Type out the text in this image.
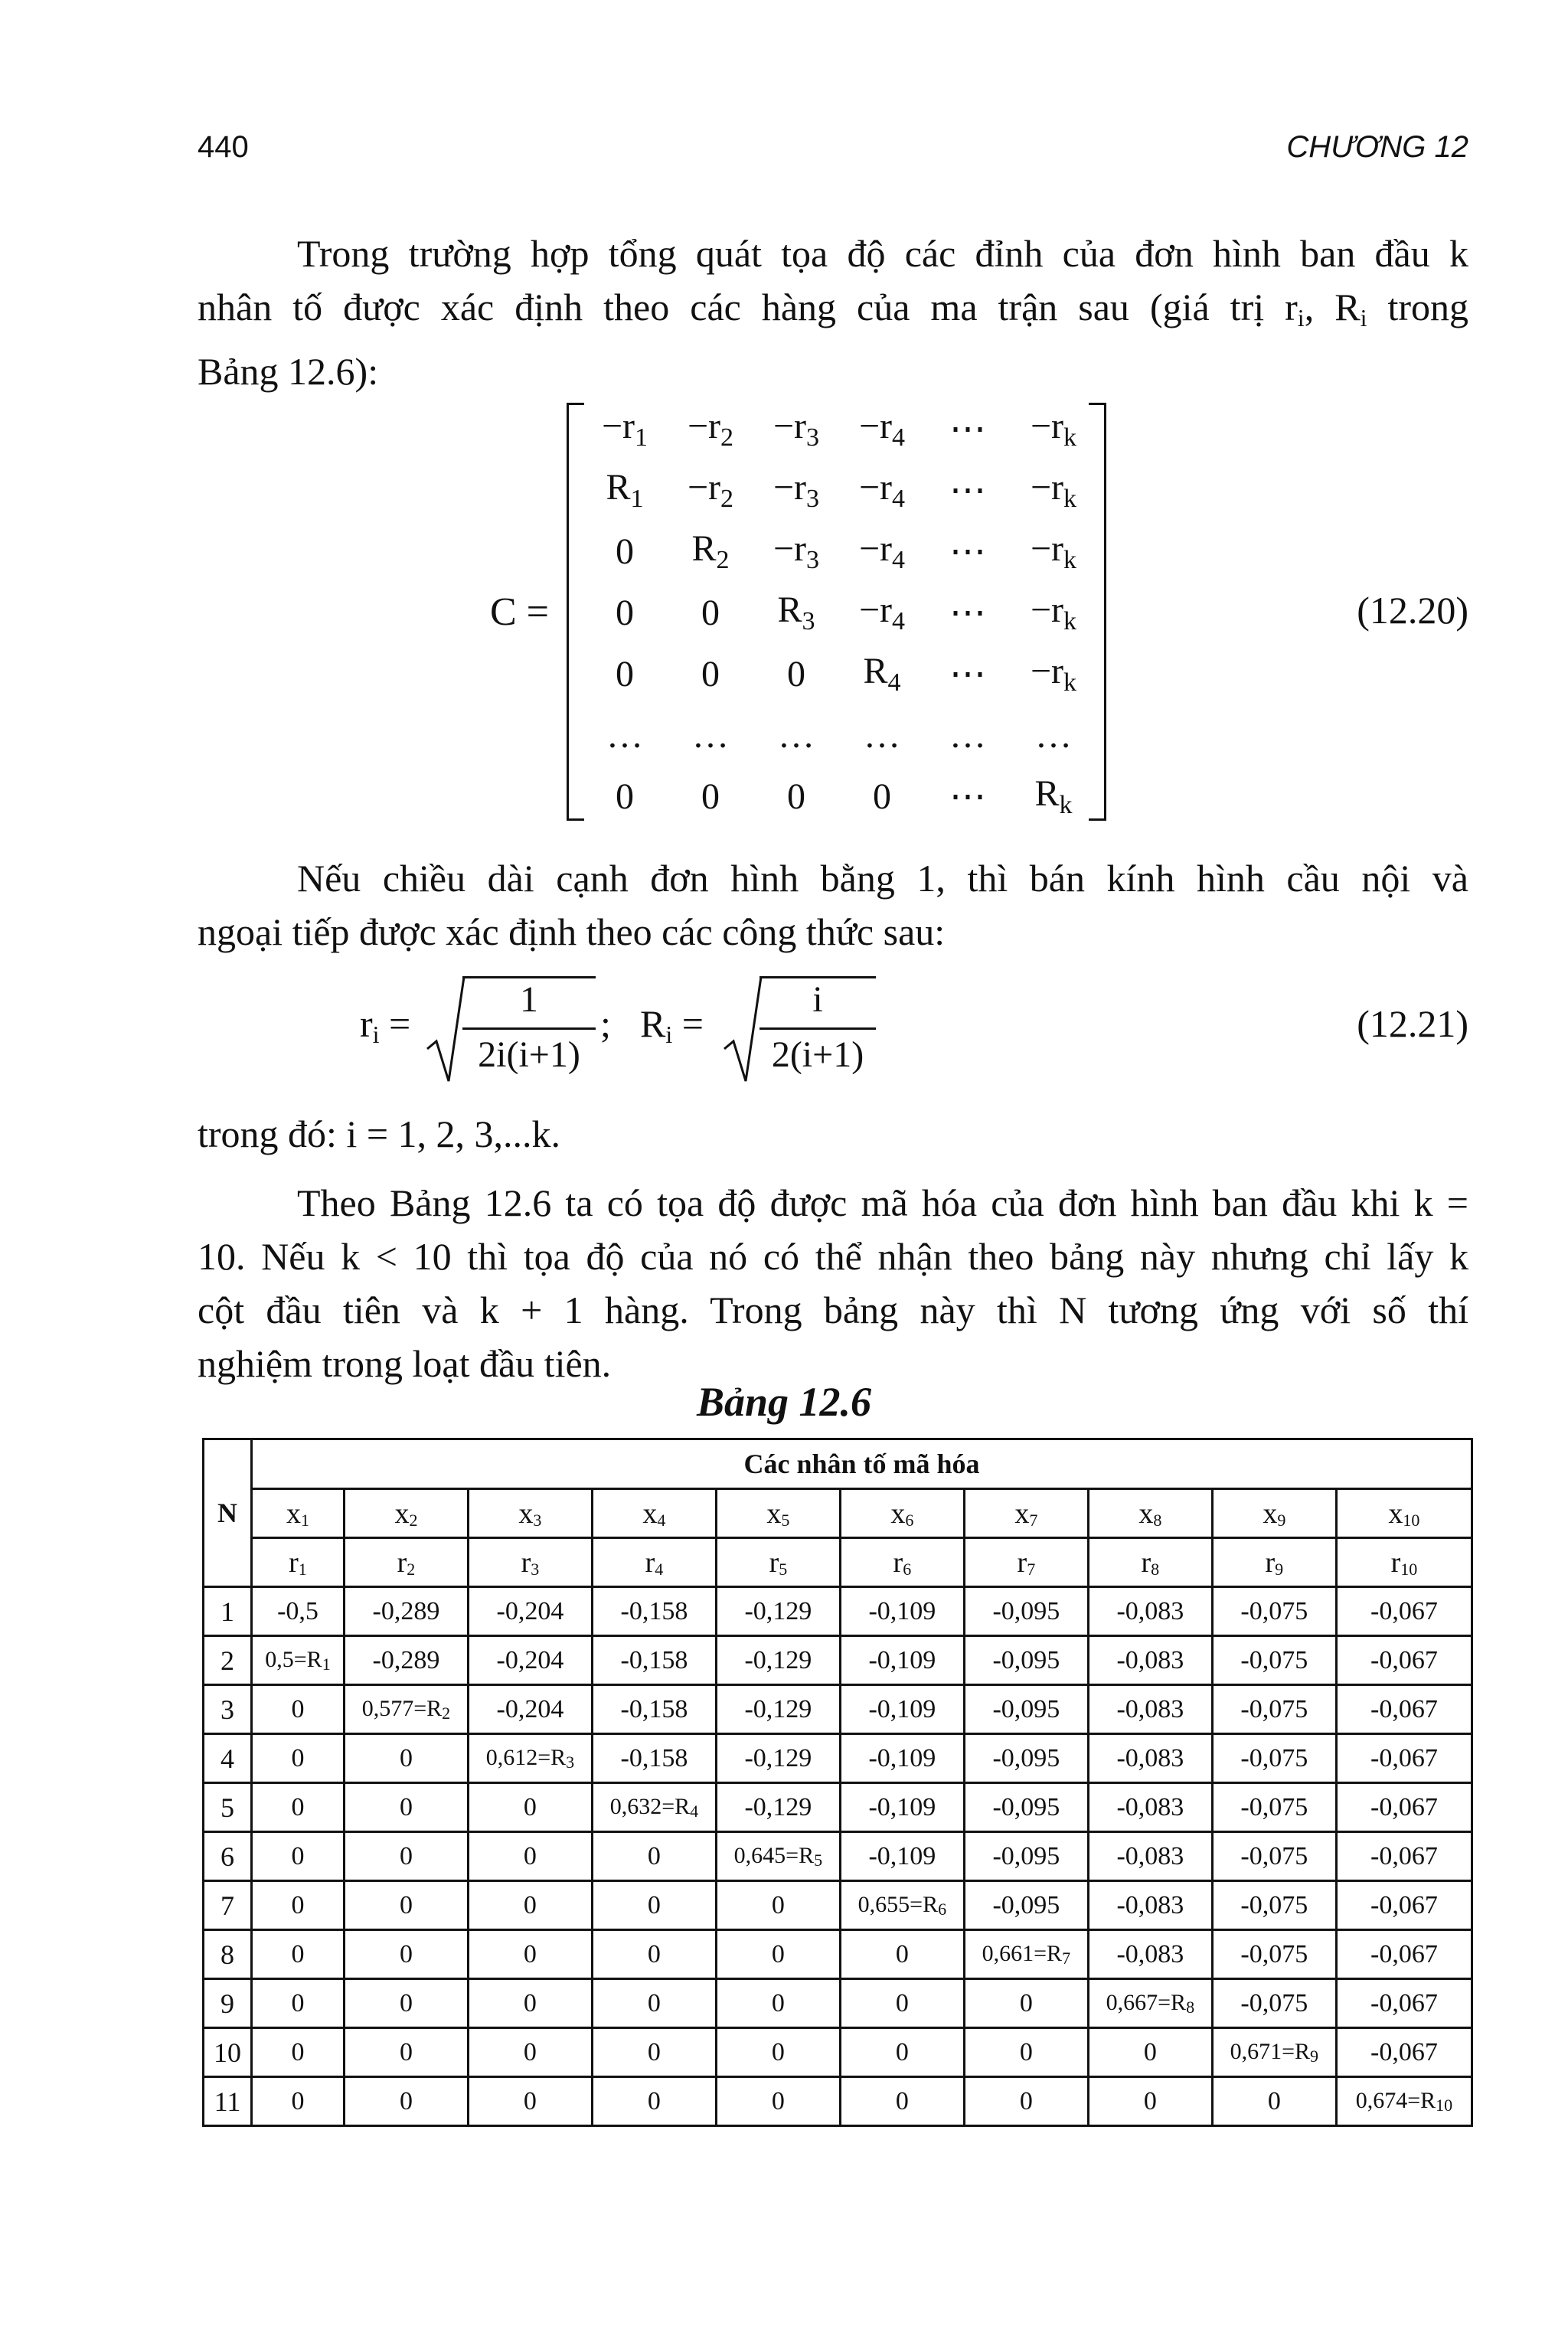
440	CHƯƠNG 12
Trong trường hợp tổng quát tọa độ các đỉnh của đơn hình ban đầu k
nhân tố được xác định theo các hàng của ma trận sau (giá trị $r_i$, $R_i$ trong
Bảng 12.6):
C =
$-r_1$	$-r_2$	$-r_3$	$-r_4$	⋯	$-r_k$
$R_1$	$-r_2$	$-r_3$	$-r_4$	⋯	$-r_k$
0	$R_2$	$-r_3$	$-r_4$	⋯	$-r_k$
0	0	$R_3$	$-r_4$	⋯	$-r_k$
0	0	0	$R_4$	⋯	$-r_k$
…	…	…	…	…	…
0	0	0	0	⋯	$R_k$
(12.20)
Nếu chiều dài cạnh đơn hình bằng 1, thì bán kính hình cầu nội và
ngoại tiếp được xác định theo các công thức sau:
$r_i$ =
1
2i(i+1)
; $R_i$ =
i
2(i+1)
(12.21)
trong đó: i = 1, 2, 3,...k.
Theo Bảng 12.6 ta có tọa độ được mã hóa của đơn hình ban đầu khi k =
10. Nếu k < 10 thì tọa độ của nó có thể nhận theo bảng này nhưng chỉ lấy k
cột đầu tiên và k + 1 hàng. Trong bảng này thì N tương ứng với số thí
nghiệm trong loạt đầu tiên.
Bảng 12.6
N	Các nhân tố mã hóa									
	x1	x2	x3	x4	x5	x6	x7	x8	x9	x10
	r1	r2	r3	r4	r5	r6	r7	r8	r9	r10
1	-0,5	-0,289	-0,204	-0,158	-0,129	-0,109	-0,095	-0,083	-0,075	-0,067
2	0,5=R1	-0,289	-0,204	-0,158	-0,129	-0,109	-0,095	-0,083	-0,075	-0,067
3	0	0,577=R2	-0,204	-0,158	-0,129	-0,109	-0,095	-0,083	-0,075	-0,067
4	0	0	0,612=R3	-0,158	-0,129	-0,109	-0,095	-0,083	-0,075	-0,067
5	0	0	0	0,632=R4	-0,129	-0,109	-0,095	-0,083	-0,075	-0,067
6	0	0	0	0	0,645=R5	-0,109	-0,095	-0,083	-0,075	-0,067
7	0	0	0	0	0	0,655=R6	-0,095	-0,083	-0,075	-0,067
8	0	0	0	0	0	0	0,661=R7	-0,083	-0,075	-0,067
9	0	0	0	0	0	0	0	0,667=R8	-0,075	-0,067
10	0	0	0	0	0	0	0	0	0,671=R9	-0,067
11	0	0	0	0	0	0	0	0	0	0,674=R10
